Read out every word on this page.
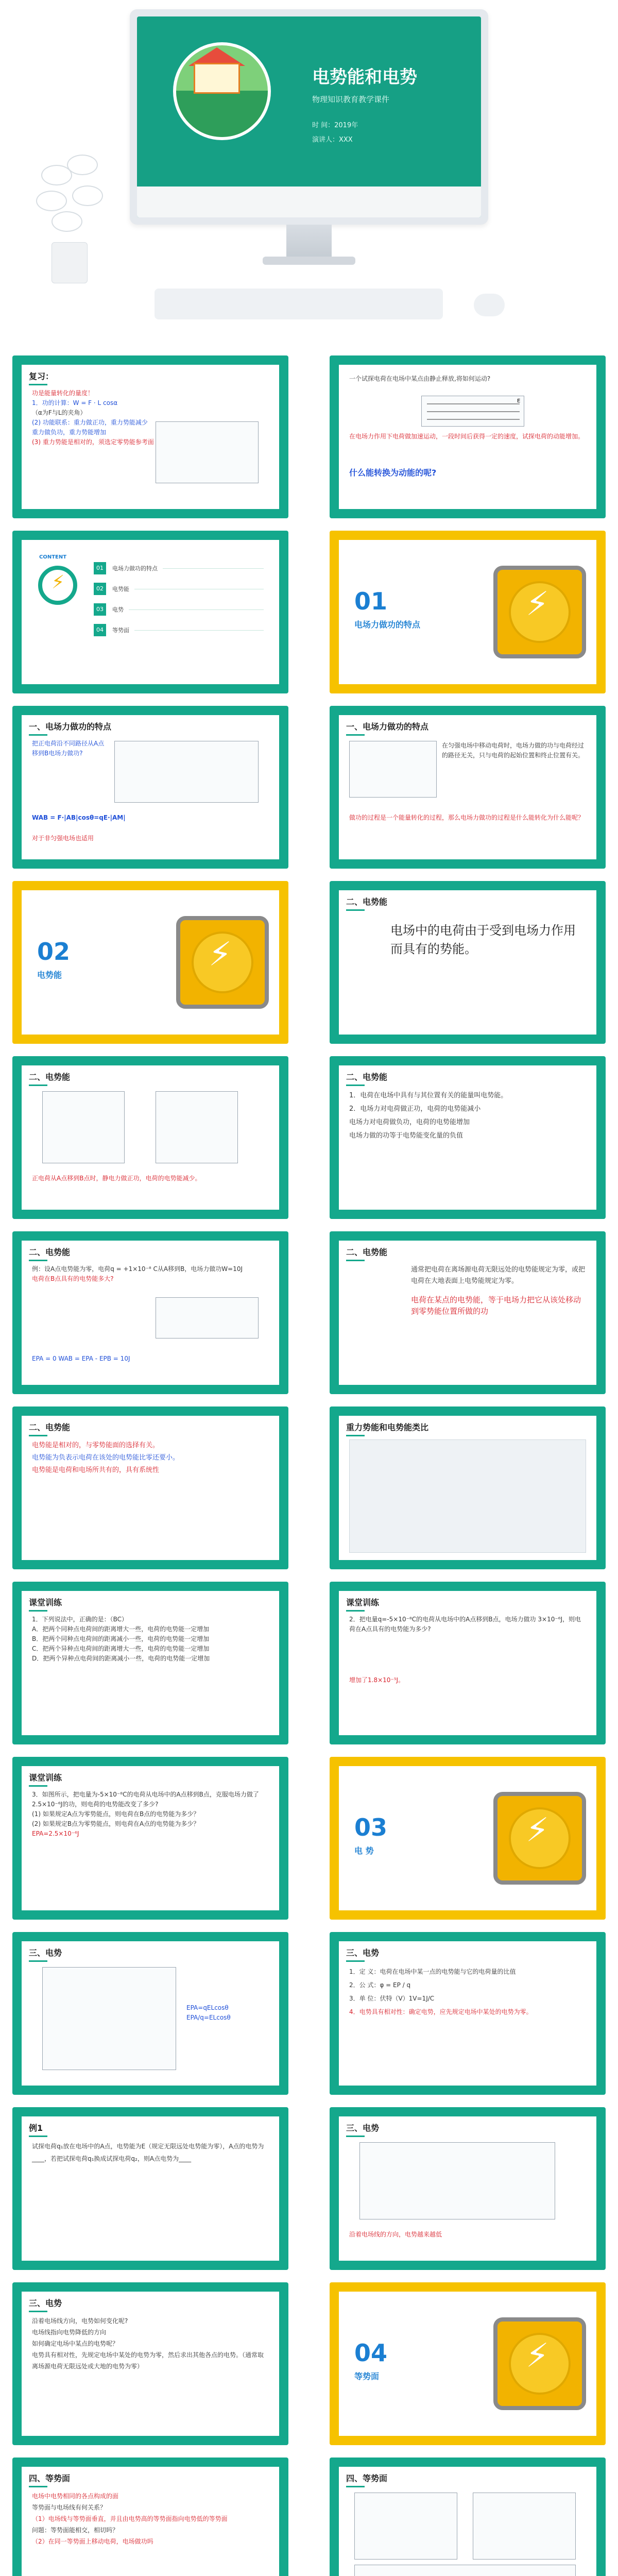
电势能和电势
物理知识教育教学课件
时 间：2019年
演讲人：XXX
复习：
功是能量转化的量度！
1．功的计算：W = F · L cosα
（α为F与L的夹角）
(2) 功能联系：重力做正功，重力势能减少
重力做负功，重力势能增加
(3) 重力势能是相对的，须选定零势能参考面
一个试探电荷在电场中某点由静止释放,将如何运动?
E
在电场力作用下电荷做加速运动，一段时间后获得一定的速度，试探电荷的动能增加。
什么能转换为动能的呢?
CONTENT
⚡
01	电场力做功的特点
02	电势能
03	电势
04	等势面
01
电场力做功的特点
⚡
一、电场力做功的特点
把正电荷沿不同路径从A点移到B电场力做功?
WAB = F·|AB|cosθ=qE·|AM|
对于非匀强电场也适用
一、电场力做功的特点
在匀强电场中移动电荷时，电场力做的功与电荷经过的路径无关，只与电荷的起始位置和终止位置有关。
做功的过程是一个能量转化的过程，那么电场力做功的过程是什么能转化为什么能呢？
02
电势能
⚡
二、电势能
电场中的电荷由于受到电场力作用而具有的势能。
二、电势能
正电荷从A点移到B点时，静电力做正功，电荷的电势能减少。
二、电势能
1．电荷在电场中具有与其位置有关的能量叫电势能。
2．电场力对电荷做正功，电荷的电势能减小
电场力对电荷做负功，电荷的电势能增加
电场力做的功等于电势能变化量的负值
二、电势能
例：设A点电势能为零，电荷q = +1×10⁻⁸ C从A移到B，电场力做功W=10J
电荷在B点具有的电势能多大?
EPA = 0 WAB = EPA - EPB = 10J
二、电势能
通常把电荷在离场源电荷无限远处的电势能规定为零，或把电荷在大地表面上电势能规定为零。
电荷在某点的电势能，等于电场力把它从该处移动到零势能位置所做的功
二、电势能
电势能是相对的，与零势能面的选择有关。
电势能为负表示电荷在该处的电势能比零还要小。
电势能是电荷和电场所共有的，具有系统性
重力势能和电势能类比
课堂训练
1．下列说法中，正确的是：（BC）
A．把两个同种点电荷间的距离增大一些，电荷的电势能一定增加
B．把两个同种点电荷间的距离减小一些，电荷的电势能一定增加
C．把两个异种点电荷间的距离增大一些，电荷的电势能一定增加
D．把两个异种点电荷间的距离减小一些，电荷的电势能一定增加
课堂训练
2．把电量q=-5×10⁻⁸C的电荷从电场中的A点移到B点，电场力做功 3×10⁻⁶J，则电荷在A点具有的电势能为多少?
增加了1.8×10⁻⁵J。
课堂训练
3．如图所示，把电量为-5×10⁻⁸C的电荷从电场中的A点移到B点，克服电场力做了2.5×10⁻⁶J的功，则电荷的电势能改变了多少?
(1) 如果规定A点为零势能点，则电荷在B点的电势能为多少？
(2) 如果规定B点为零势能点，则电荷在A点的电势能为多少？
EPA=2.5×10⁻⁶J	03
电 势
⚡
三、电势
EPA=qELcosθ
EPA/q=ELcosθ
三、电势
1．定 义：电荷在电场中某一点的电势能与它的电荷量的比值
2．公 式：φ = EP / q
3．单 位：伏特（V）1V=1J/C
4．电势具有相对性：确定电势，应先规定电场中某处的电势为零。
例1
试探电荷q₁放在电场中的A点，电势能为E（规定无限远处电势能为零），A点的电势为____，若把试探电荷q₁换成试探电荷q₂，则A点电势为____
三、电势
沿着电场线的方向，电势越来越低
三、电势
沿着电场线方向，电势如何变化呢?
电场线指向电势降低的方向
如何确定电场中某点的电势呢？
电势具有相对性，先规定电场中某处的电势为零，然后求出其他各点的电势。（通常取离场源电荷无限远处或大地的电势为零）	04
等势面
⚡
四、等势面
电场中电势相同的各点构成的面
等势面与电场线有何关系？
（1）电场线与等势面垂直，并且由电势高的等势面指向电势低的等势面
问题：等势面能相交，相切吗？
（2）在同一等势面上移动电荷，电场做功吗
四、等势面
